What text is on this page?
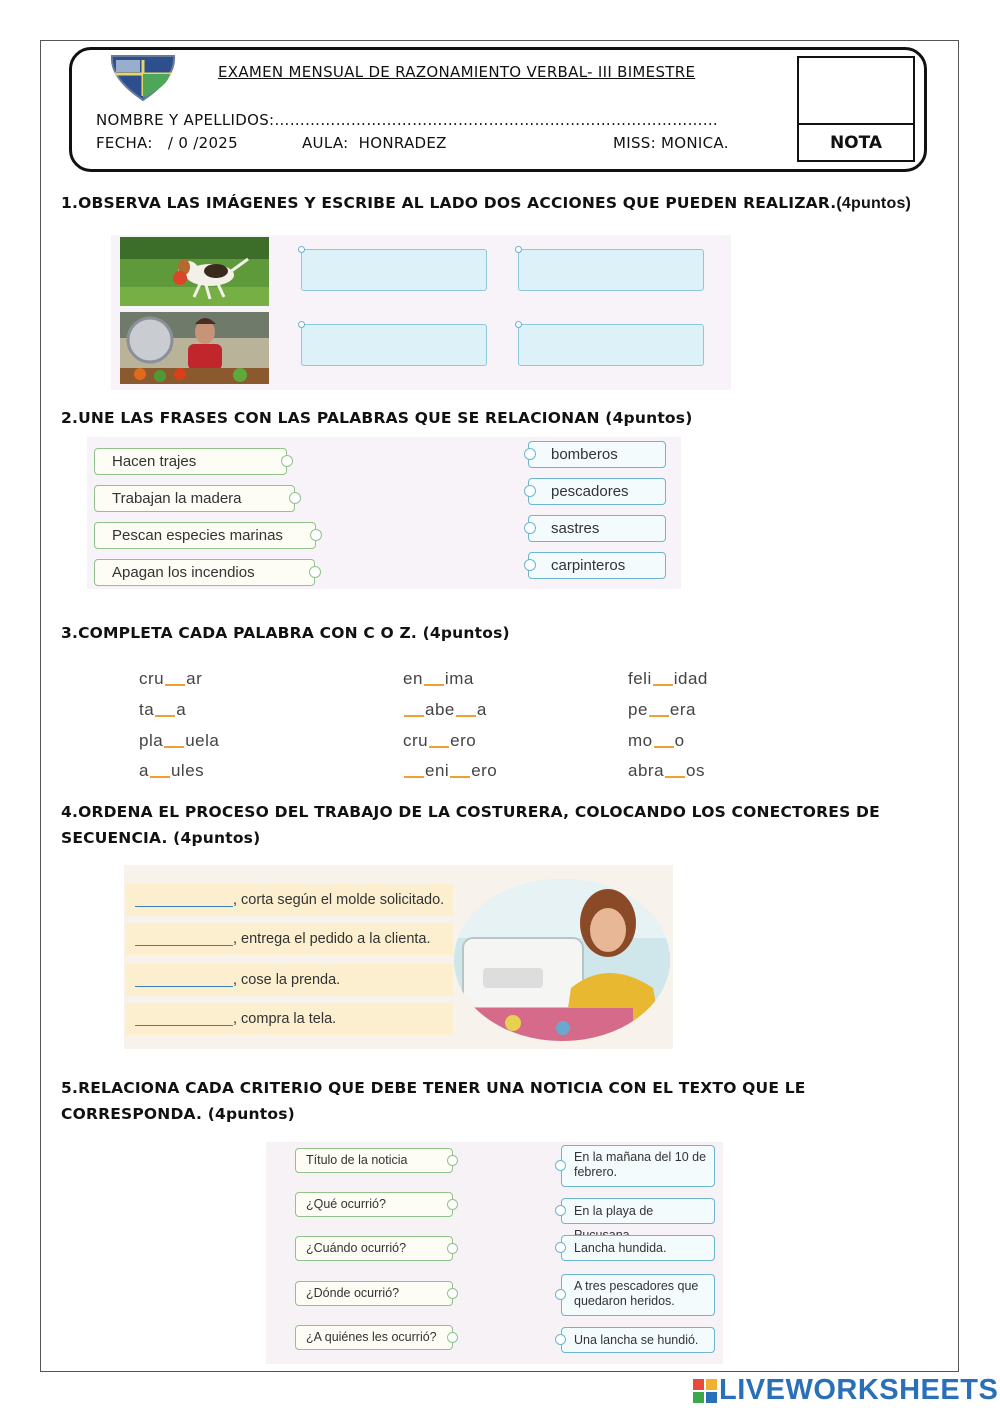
EXAMEN MENSUAL DE RAZONAMIENTO VERBAL- III BIMESTRE
NOMBRE Y APELLIDOS:……………………………………………………………………………
FECHA:   / 0 /2025	AULA:  HONRADEZ	MISS: MONICA.	NOTA
1.OBSERVA LAS IMÁGENES Y ESCRIBE AL LADO DOS ACCIONES QUE PUEDEN REALIZAR.(4puntos)
2.UNE LAS FRASES CON LAS PALABRAS QUE SE RELACIONAN (4puntos)
Hacen trajes
Trabajan la madera
Pescan especies marinas
Apagan los incendios
bomberos
pescadores
sastres
carpinteros
3.COMPLETA CADA PALABRA CON C O Z. (4puntos)
cru ar	en ima	feli idad
ta a	abe a	pe era
pla uela	cru ero	mo o
a ules	eni ero	abra os
4.ORDENA EL PROCESO DEL TRABAJO DE LA COSTURERA, COLOCANDO LOS CONECTORES DE SECUENCIA. (4puntos)
, corta según el molde solicitado.
, entrega el pedido a la clienta.
, cose la prenda.
, compra la tela.
5.RELACIONA CADA CRITERIO QUE DEBE TENER UNA NOTICIA CON EL TEXTO QUE LE CORRESPONDA. (4puntos)
Título de la noticia
¿Qué ocurrió?
¿Cuándo ocurrió?
¿Dónde ocurrió?
¿A quiénes les ocurrió?
En la mañana del 10 de febrero.
En la playa de
Lancha hundida.
A tres pescadores que quedaron heridos.
Una lancha se hundió.
LIVEWORKSHEETS
